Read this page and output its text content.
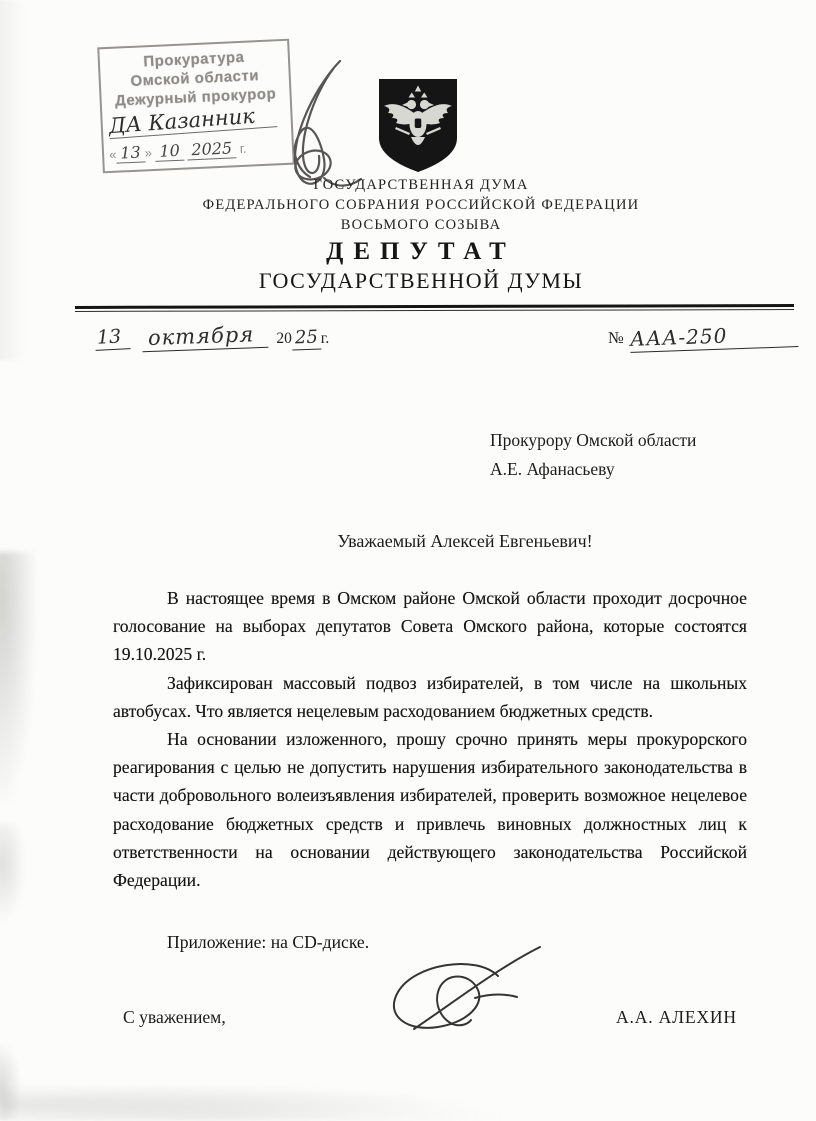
Прокуратура
Омской области
Дежурный прокурор
ДА Казанник
« 13 » 10 2025 г.
ГОСУДАРСТВЕННАЯ ДУМА
ФЕДЕРАЛЬНОГО СОБРАНИЯ РОССИЙСКОЙ ФЕДЕРАЦИИ
ВОСЬМОГО СОЗЫВА
ДЕПУТАТ
ГОСУДАРСТВЕННОЙ ДУМЫ
13 октября 20 25 г.	№ ААА-250
Прокурору Омской области
А.Е. Афанасьеву
Уважаемый Алексей Евгеньевич!

В настоящее время в Омском районе Омской области проходит досрочное голосование на выборах депутатов Совета Омского района, которые состоятся 19.10.2025 г.

Зафиксирован массовый подвоз избирателей, в том числе на школьных автобусах. Что является нецелевым расходованием бюджетных средств.

На основании изложенного, прошу срочно принять меры прокурорского реагирования с целью не допустить нарушения избирательного законодательства в части добровольного волеизъявления избирателей, проверить возможное нецелевое расходование бюджетных средств и привлечь виновных должностных лиц к ответственности на основании действующего законодательства Российской Федерации.

Приложение: на CD-диске.
С уважением,	А.А. АЛЕХИН
